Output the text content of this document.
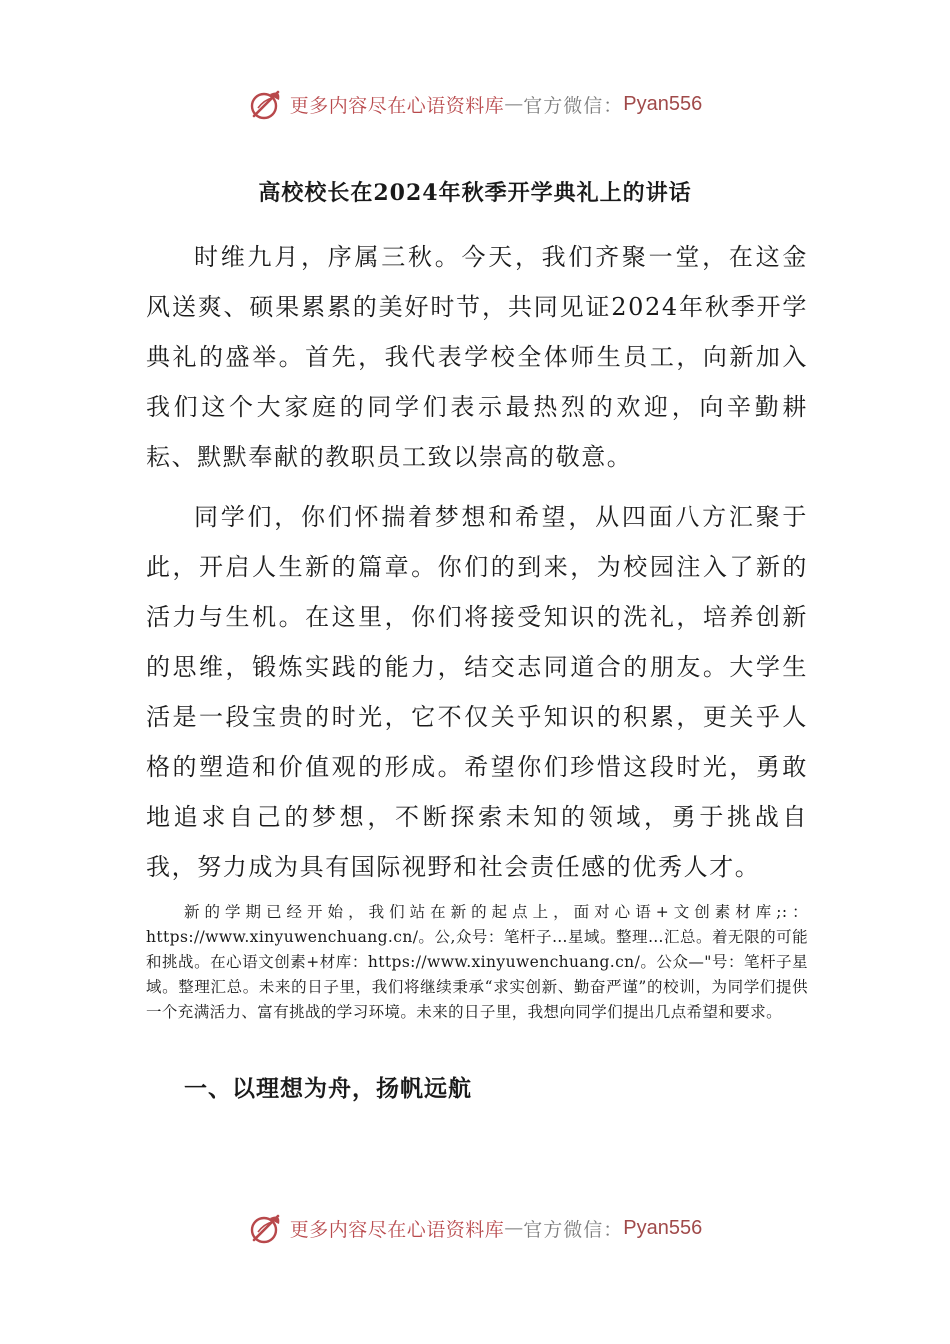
更多内容尽在心语资料库 — 官方微信： Pyan556
高校校长在2024年秋季开学典礼上的讲话

时维九月，序属三秋。今天，我们齐聚一堂，在这金风送爽、硕果累累的美好时节，共同见证2024年秋季开学典礼的盛举。首先，我代表学校全体师生员工，向新加入我们这个大家庭的同学们表示最热烈的欢迎，向辛勤耕耘、默默奉献的教职员工致以崇高的敬意。

同学们，你们怀揣着梦想和希望，从四面八方汇聚于此，开启人生新的篇章。你们的到来，为校园注入了新的活力与生机。在这里，你们将接受知识的洗礼，培养创新的思维，锻炼实践的能力，结交志同道合的朋友。大学生活是一段宝贵的时光，它不仅关乎知识的积累，更关乎人格的塑造和价值观的形成。希望你们珍惜这段时光，勇敢地追求自己的梦想，不断探索未知的领域，勇于挑战自我，努力成为具有国际视野和社会责任感的优秀人才。

新的学期已经开始，我们站在新的起点上，面对心语+文创素材库;:：https://www.xinyuwenchuang.cn/。公,众号：笔杆子…星域。整理…汇总。着无限的可能和挑战。在心语文创素+材库：https://www.xinyuwenchuang.cn/。公众—"号：笔杆子星域。整理汇总。未来的日子里，我们将继续秉承“求实创新、勤奋严谨”的校训，为同学们提供一个充满活力、富有挑战的学习环境。未来的日子里，我想向同学们提出几点希望和要求。

一、以理想为舟，扬帆远航
更多内容尽在心语资料库 — 官方微信： Pyan556
